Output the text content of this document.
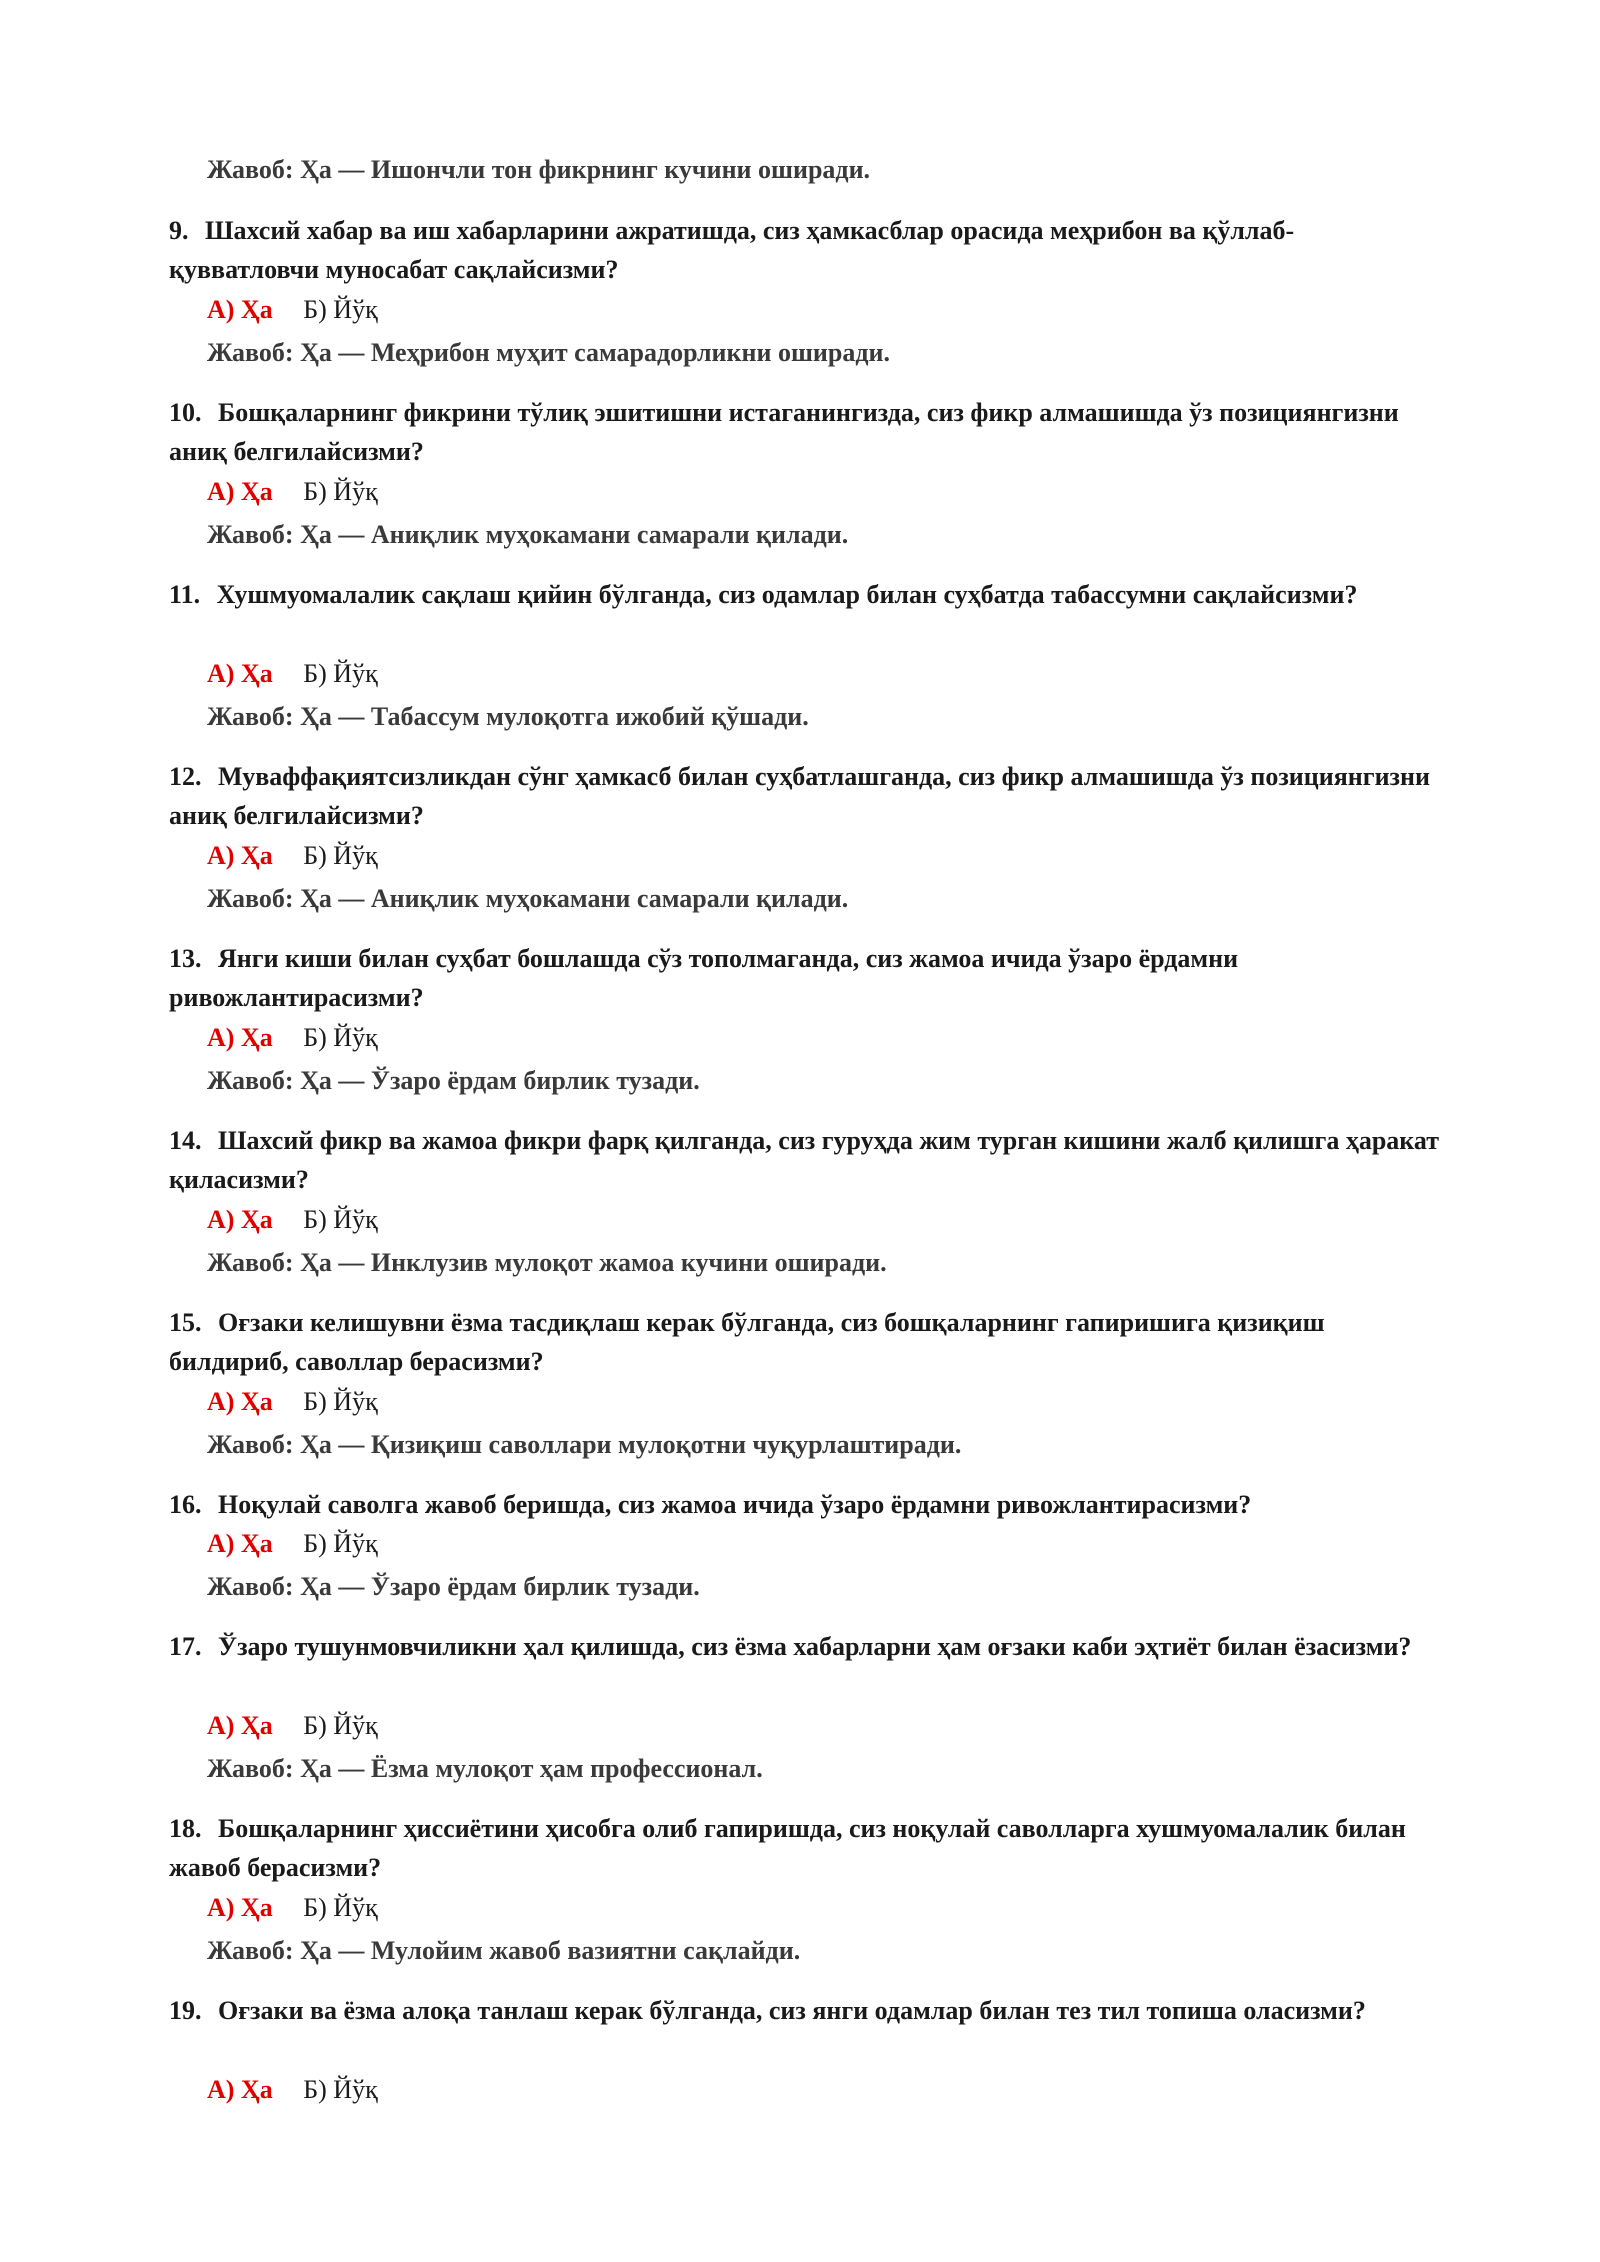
Жавоб: Ҳа — Ишончли тон фикрнинг кучини оширади.
9. Шахсий хабар ва иш хабарларини ажратишда, сиз ҳамкасблар орасида меҳрибон ва қўллаб-қувватловчи муносабат сақлайсизми?
А) Ҳа Б) Йўқ
Жавоб: Ҳа — Меҳрибон муҳит самарадорликни оширади.
10. Бошқаларнинг фикрини тўлиқ эшитишни истаганингизда, сиз фикр алмашишда ўз позициянгизни аниқ белгилайсизми?
А) Ҳа Б) Йўқ
Жавоб: Ҳа — Аниқлик муҳокамани самарали қилади.
11. Хушмуомалалик сақлаш қийин бўлганда, сиз одамлар билан суҳбатда табассумни сақлайсизми?
А) Ҳа Б) Йўқ
Жавоб: Ҳа — Табассум мулоқотга ижобий қўшади.
12. Муваффақиятсизликдан сўнг ҳамкасб билан суҳбатлашганда, сиз фикр алмашишда ўз позициянгизни аниқ белгилайсизми?
А) Ҳа Б) Йўқ
Жавоб: Ҳа — Аниқлик муҳокамани самарали қилади.
13. Янги киши билан суҳбат бошлашда сўз тополмаганда, сиз жамоа ичида ўзаро ёрдамни ривожлантирасизми?
А) Ҳа Б) Йўқ
Жавоб: Ҳа — Ўзаро ёрдам бирлик тузади.
14. Шахсий фикр ва жамоа фикри фарқ қилганда, сиз гуруҳда жим турган кишини жалб қилишга ҳаракат қиласизми?
А) Ҳа Б) Йўқ
Жавоб: Ҳа — Инклузив мулоқот жамоа кучини оширади.
15. Оғзаки келишувни ёзма тасдиқлаш керак бўлганда, сиз бошқаларнинг гапиришига қизиқиш билдириб, саволлар берасизми?
А) Ҳа Б) Йўқ
Жавоб: Ҳа — Қизиқиш саволлари мулоқотни чуқурлаштиради.
16. Ноқулай саволга жавоб беришда, сиз жамоа ичида ўзаро ёрдамни ривожлантирасизми?
А) Ҳа Б) Йўқ
Жавоб: Ҳа — Ўзаро ёрдам бирлик тузади.
17. Ўзаро тушунмовчиликни ҳал қилишда, сиз ёзма хабарларни ҳам оғзаки каби эҳтиёт билан ёзасизми?
А) Ҳа Б) Йўқ
Жавоб: Ҳа — Ёзма мулоқот ҳам профессионал.
18. Бошқаларнинг ҳиссиётини ҳисобга олиб гапиришда, сиз ноқулай саволларга хушмуомалалик билан жавоб берасизми?
А) Ҳа Б) Йўқ
Жавоб: Ҳа — Мулойим жавоб вазиятни сақлайди.
19. Оғзаки ва ёзма алоқа танлаш керак бўлганда, сиз янги одамлар билан тез тил топиша оласизми?
А) Ҳа Б) Йўқ
